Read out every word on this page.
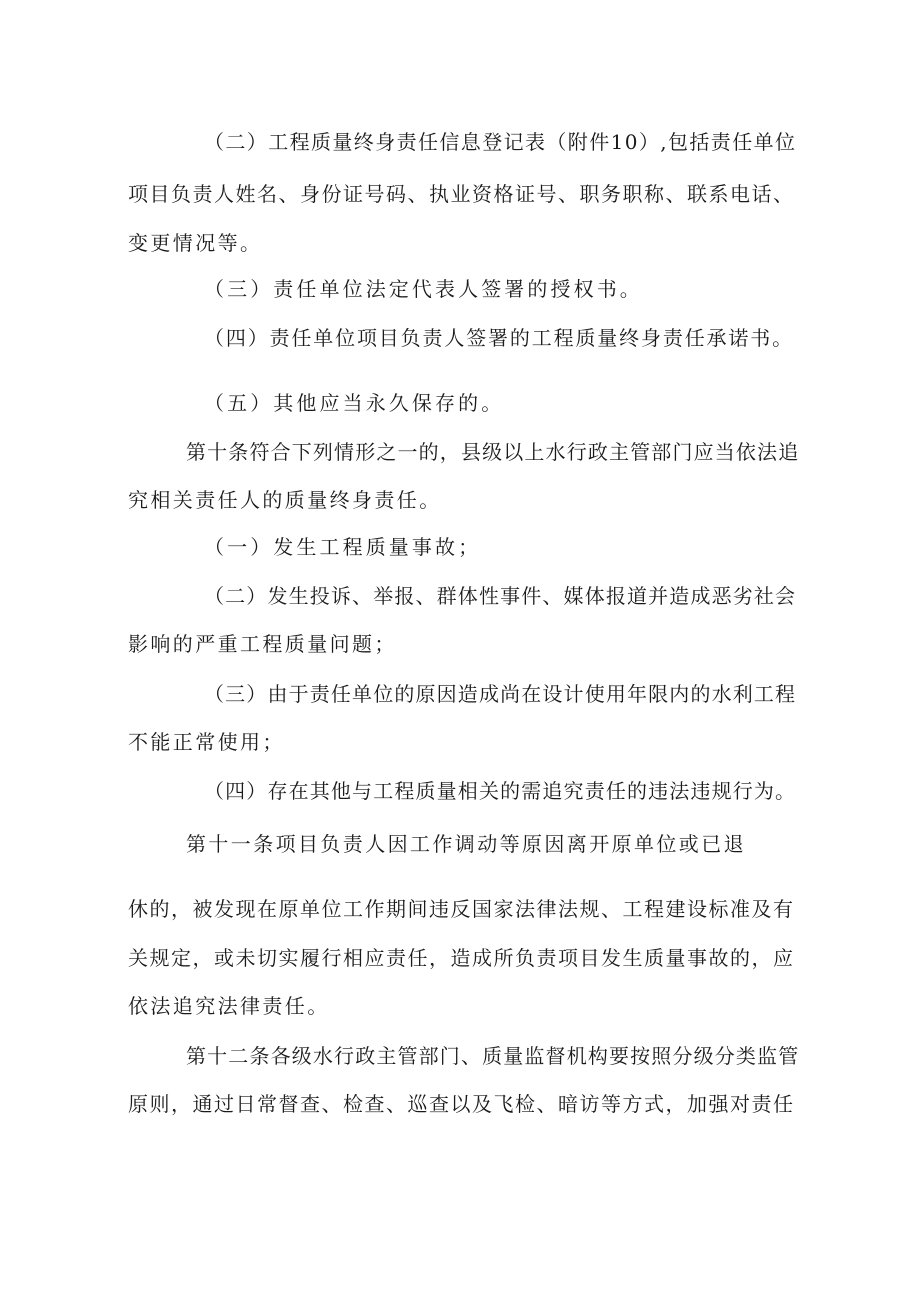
（二）工程质量终身责任信息登记表（附件10）,包括责任单位
项目负责人姓名、身份证号码、执业资格证号、职务职称、联系电话、
变更情况等。
（三）责任单位法定代表人签署的授权书。
（四）责任单位项目负责人签署的工程质量终身责任承诺书。
（五）其他应当永久保存的。
第十条符合下列情形之一的，县级以上水行政主管部门应当依法追
究相关责任人的质量终身责任。
（一）发生工程质量事故；
（二）发生投诉、举报、群体性事件、媒体报道并造成恶劣社会
影响的严重工程质量问题；
（三）由于责任单位的原因造成尚在设计使用年限内的水利工程
不能正常使用；
（四）存在其他与工程质量相关的需追究责任的违法违规行为。
第十一条项目负责人因工作调动等原因离开原单位或已退
休的，被发现在原单位工作期间违反国家法律法规、工程建设标准及有
关规定，或未切实履行相应责任，造成所负责项目发生质量事故的，应
依法追究法律责任。
第十二条各级水行政主管部门、质量监督机构要按照分级分类监管
原则，通过日常督查、检查、巡查以及飞检、暗访等方式，加强对责任
